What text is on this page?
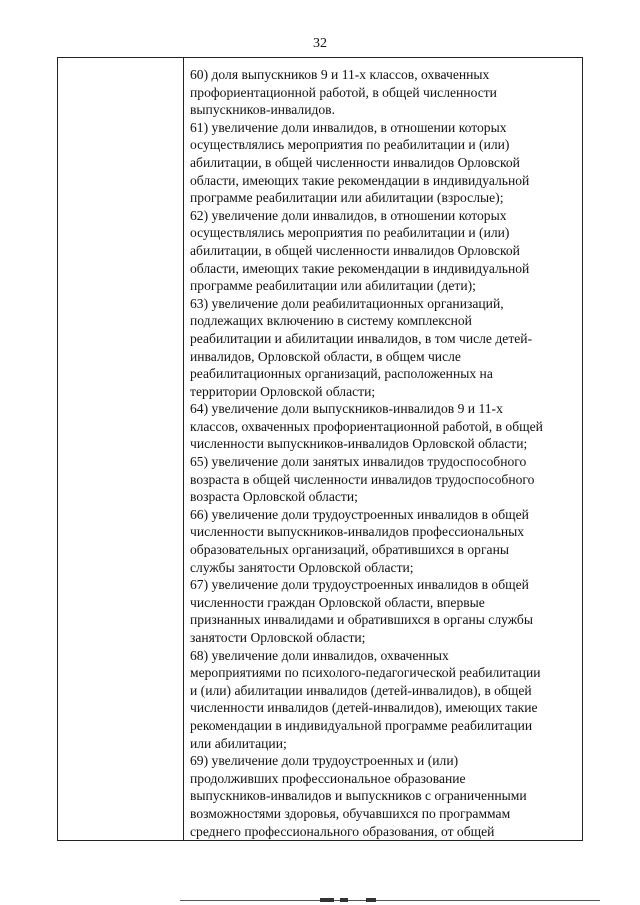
32

60) доля выпускников 9 и 11-х классов, охваченных
профориентационной работой, в общей численности
выпускников-инвалидов.

61) увеличение доли инвалидов, в отношении которых
осуществлялись мероприятия по реабилитации и (или)
абилитации, в общей численности инвалидов Орловской
области, имеющих такие рекомендации в индивидуальной
программе реабилитации или абилитации (взрослые);

62) увеличение доли инвалидов, в отношении которых
осуществлялись мероприятия по реабилитации и (или)
абилитации, в общей численности инвалидов Орловской
области, имеющих такие рекомендации в индивидуальной
программе реабилитации или абилитации (дети);

63) увеличение доли реабилитационных организаций,
подлежащих включению в систему комплексной
реабилитации и абилитации инвалидов, в том числе детей-
инвалидов, Орловской области, в общем числе
реабилитационных организаций, расположенных на
территории Орловской области;

64) увеличение доли выпускников-инвалидов 9 и 11-х
классов, охваченных профориентационной работой, в общей
численности выпускников-инвалидов Орловской области;

65) увеличение доли занятых инвалидов трудоспособного
возраста в общей численности инвалидов трудоспособного
возраста Орловской области;

66) увеличение доли трудоустроенных инвалидов в общей
численности выпускников-инвалидов профессиональных
образовательных организаций, обратившихся в органы
службы занятости Орловской области;

67) увеличение доли трудоустроенных инвалидов в общей
численности граждан Орловской области, впервые
признанных инвалидами и обратившихся в органы службы
занятости Орловской области;

68) увеличение доли инвалидов, охваченных
мероприятиями по психолого-педагогической реабилитации
и (или) абилитации инвалидов (детей-инвалидов), в общей
численности инвалидов (детей-инвалидов), имеющих такие
рекомендации в индивидуальной программе реабилитации
или абилитации;

69) увеличение доли трудоустроенных и (или)
продолживших профессиональное образование
выпускников-инвалидов и выпускников с ограниченными
возможностями здоровья, обучавшихся по программам
среднего профессионального образования, от общей
